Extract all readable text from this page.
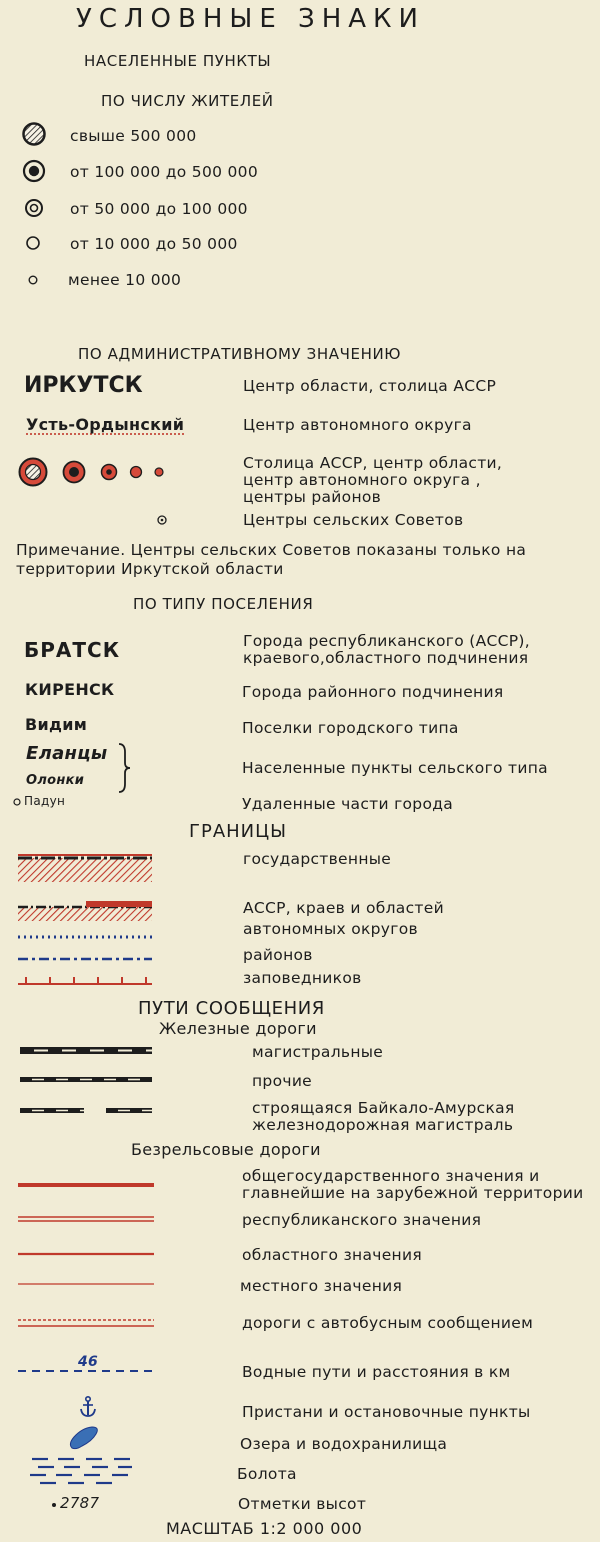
УСЛОВНЫЕ ЗНАКИ
НАСЕЛЕННЫЕ ПУНКТЫ
ПО ЧИСЛУ ЖИТЕЛЕЙ
свыше 500 000
от 100 000 до 500 000
от 50 000 до 100 000
от 10 000 до 50 000
менее 10 000
ПО АДМИНИСТРАТИВНОМУ ЗНАЧЕНИЮ
ИРКУТСК	Центр области, столица АССР
Усть-Ордынский	Центр автономного округа
Столица АССР, центр области,
центр автономного округа ,
центры районов
Центры сельских Советов
Примечание. Центры сельских Советов показаны только на
территории Иркутской области
ПО ТИПУ ПОСЕЛЕНИЯ
БРАТСК	Города республиканского (АССР),
краевого,областного подчинения
КИРЕНСК	Города районного подчинения
Видим	Поселки городского типа
Еланцы
Олонки
Населенные пункты сельского типа
Падун	Удаленные части города
ГРАНИЦЫ
государственные
АССР, краев и областей
автономных округов
районов
заповедников
ПУТИ СООБЩЕНИЯ
Железные дороги
магистральные
прочие
строящаяся Байкало-Амурская
железнодорожная магистраль
Безрельсовые дороги
общегосударственного значения и
главнейшие на зарубежной территории
республиканского значения
областного значения
местного значения
дороги с автобусным сообщением
46
Водные пути и расстояния в км
Пристани и остановочные пункты
Озера и водохранилища
Болота
2787	Отметки высот
МАСШТАБ 1:2 000 000
